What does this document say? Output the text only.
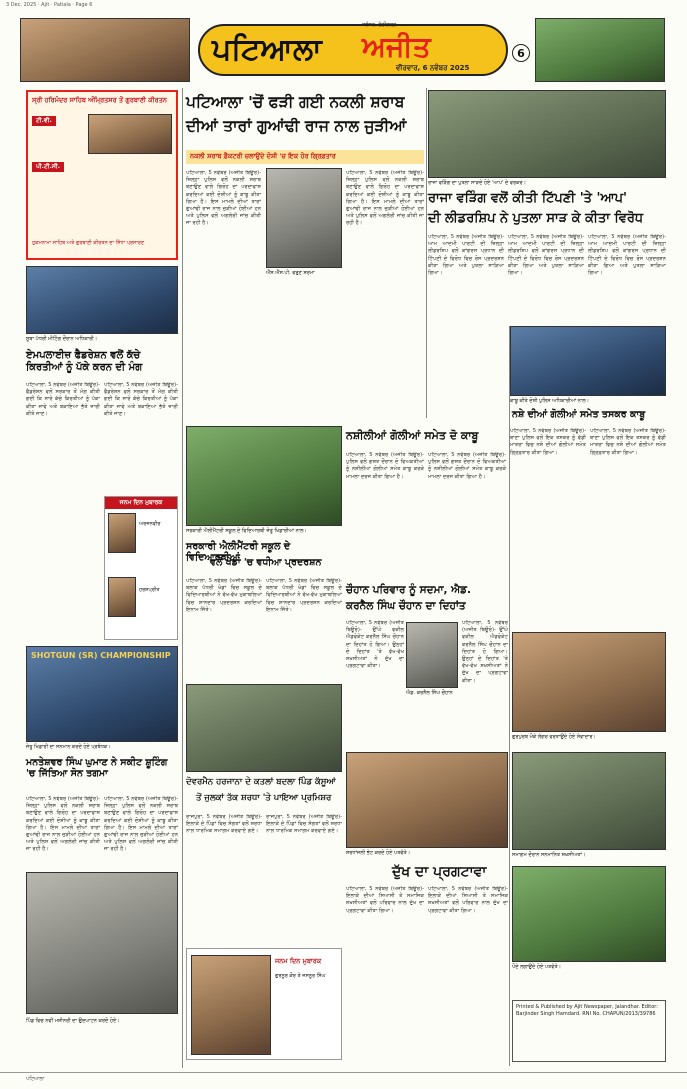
3 Dec. 2025 · Ajit · Patiala · Page 6
ਪਟਿਆਲਾ ਅਜੀਤ
ਜਲੰਧਰ, ਚੰਡੀਗੜ੍ਹ
ਵੀਰਵਾਰ, 6 ਨਵੰਬਰ 2025
6
ਸ੍ਰੀ ਹਰਿਮੰਦਰ ਸਾਹਿਬ ਅੰਮ੍ਰਿਤਸਰ ਤੋਂ ਗੁਰਬਾਣੀ ਕੀਰਤਨ
ਟੀ.ਵੀ.
ਪੀ.ਟੀ.ਸੀ.
ਹੁਕਮਨਾਮਾ ਸਾਹਿਬ ਅਤੇ ਗੁਰਬਾਣੀ ਕੀਰਤਨ ਦਾ ਸਿੱਧਾ ਪ੍ਰਸਾਰਣ
ਪਟਿਆਲਾ 'ਚੋਂ ਫੜੀ ਗਈ ਨਕਲੀ ਸ਼ਰਾਬ
ਦੀਆਂ ਤਾਰਾਂ ਗੁਆਂਢੀ ਰਾਜ ਨਾਲ ਜੁੜੀਆਂ
ਨਕਲੀ ਸ਼ਰਾਬ ਫ਼ੈਕਟਰੀ ਚਲਾਉਂਦੇ ਦੋਸ਼ੀ 'ਚ ਇਕ ਹੋਰ ਗ੍ਰਿਫ਼ਤਾਰ
ਪਟਿਆਲਾ, 5 ਨਵੰਬਰ (ਅਜੀਤ ਬਿਊਰੋ)- ਜ਼ਿਲ੍ਹਾ ਪੁਲਿਸ ਵਲੋਂ ਨਕਲੀ ਸ਼ਰਾਬ ਬਣਾਉਣ ਵਾਲੇ ਗਿਰੋਹ ਦਾ ਪਰਦਾਫਾਸ਼ ਕਰਦਿਆਂ ਕਈ ਦੋਸ਼ੀਆਂ ਨੂੰ ਕਾਬੂ ਕੀਤਾ ਗਿਆ ਹੈ। ਇਸ ਮਾਮਲੇ ਦੀਆਂ ਤਾਰਾਂ ਗੁਆਂਢੀ ਰਾਜ ਨਾਲ ਜੁੜੀਆਂ ਹੋਈਆਂ ਹਨ ਅਤੇ ਪੁਲਿਸ ਵਲੋਂ ਅਗਲੇਰੀ ਜਾਂਚ ਕੀਤੀ ਜਾ ਰਹੀ ਹੈ।
ਐੱਸ.ਐੱਸ.ਪੀ. ਵਰੁਣ ਸ਼ਰਮਾ
ਪਟਿਆਲਾ, 5 ਨਵੰਬਰ (ਅਜੀਤ ਬਿਊਰੋ)- ਜ਼ਿਲ੍ਹਾ ਪੁਲਿਸ ਵਲੋਂ ਨਕਲੀ ਸ਼ਰਾਬ ਬਣਾਉਣ ਵਾਲੇ ਗਿਰੋਹ ਦਾ ਪਰਦਾਫਾਸ਼ ਕਰਦਿਆਂ ਕਈ ਦੋਸ਼ੀਆਂ ਨੂੰ ਕਾਬੂ ਕੀਤਾ ਗਿਆ ਹੈ। ਇਸ ਮਾਮਲੇ ਦੀਆਂ ਤਾਰਾਂ ਗੁਆਂਢੀ ਰਾਜ ਨਾਲ ਜੁੜੀਆਂ ਹੋਈਆਂ ਹਨ ਅਤੇ ਪੁਲਿਸ ਵਲੋਂ ਅਗਲੇਰੀ ਜਾਂਚ ਕੀਤੀ ਜਾ ਰਹੀ ਹੈ।
ਰਾਜਾ ਵੜਿੰਗ ਦਾ ਪੁਤਲਾ ਸਾੜਦੇ ਹੋਏ 'ਆਪ' ਦੇ ਵਰਕਰ।
ਰਾਜਾ ਵੜਿੰਗ ਵਲੋਂ ਕੀਤੀ ਟਿੱਪਣੀ 'ਤੇ 'ਆਪ'
ਦੀ ਲੀਡਰਸ਼ਿਪ ਨੇ ਪੁਤਲਾ ਸਾੜ ਕੇ ਕੀਤਾ ਵਿਰੋਧ
ਪਟਿਆਲਾ, 5 ਨਵੰਬਰ (ਅਜੀਤ ਬਿਊਰੋ)- ਆਮ ਆਦਮੀ ਪਾਰਟੀ ਦੀ ਜ਼ਿਲ੍ਹਾ ਲੀਡਰਸ਼ਿਪ ਵਲੋਂ ਕਾਂਗਰਸ ਪ੍ਰਧਾਨ ਦੀ ਟਿੱਪਣੀ ਦੇ ਵਿਰੋਧ ਵਿਚ ਰੋਸ ਪ੍ਰਦਰਸ਼ਨ ਕੀਤਾ ਗਿਆ ਅਤੇ ਪੁਤਲਾ ਸਾੜਿਆ ਗਿਆ।
ਪਟਿਆਲਾ, 5 ਨਵੰਬਰ (ਅਜੀਤ ਬਿਊਰੋ)- ਆਮ ਆਦਮੀ ਪਾਰਟੀ ਦੀ ਜ਼ਿਲ੍ਹਾ ਲੀਡਰਸ਼ਿਪ ਵਲੋਂ ਕਾਂਗਰਸ ਪ੍ਰਧਾਨ ਦੀ ਟਿੱਪਣੀ ਦੇ ਵਿਰੋਧ ਵਿਚ ਰੋਸ ਪ੍ਰਦਰਸ਼ਨ ਕੀਤਾ ਗਿਆ ਅਤੇ ਪੁਤਲਾ ਸਾੜਿਆ ਗਿਆ।
ਪਟਿਆਲਾ, 5 ਨਵੰਬਰ (ਅਜੀਤ ਬਿਊਰੋ)- ਆਮ ਆਦਮੀ ਪਾਰਟੀ ਦੀ ਜ਼ਿਲ੍ਹਾ ਲੀਡਰਸ਼ਿਪ ਵਲੋਂ ਕਾਂਗਰਸ ਪ੍ਰਧਾਨ ਦੀ ਟਿੱਪਣੀ ਦੇ ਵਿਰੋਧ ਵਿਚ ਰੋਸ ਪ੍ਰਦਰਸ਼ਨ ਕੀਤਾ ਗਿਆ ਅਤੇ ਪੁਤਲਾ ਸਾੜਿਆ ਗਿਆ।
ਕਾਬੂ ਕੀਤੇ ਦੋਸ਼ੀ ਪੁਲਿਸ ਅਧਿਕਾਰੀਆਂ ਨਾਲ।
ਨਸ਼ੇ ਦੀਆਂ ਗੋਲੀਆਂ ਸਮੇਤ ਤਸਕਰ ਕਾਬੂ
ਪਟਿਆਲਾ, 5 ਨਵੰਬਰ (ਅਜੀਤ ਬਿਊਰੋ)- ਥਾਣਾ ਪੁਲਿਸ ਵਲੋਂ ਇਕ ਤਸਕਰ ਨੂੰ ਵੱਡੀ ਮਾਤਰਾ ਵਿਚ ਨਸ਼ੇ ਦੀਆਂ ਗੋਲੀਆਂ ਸਮੇਤ ਗ੍ਰਿਫ਼ਤਾਰ ਕੀਤਾ ਗਿਆ।
ਪਟਿਆਲਾ, 5 ਨਵੰਬਰ (ਅਜੀਤ ਬਿਊਰੋ)- ਥਾਣਾ ਪੁਲਿਸ ਵਲੋਂ ਇਕ ਤਸਕਰ ਨੂੰ ਵੱਡੀ ਮਾਤਰਾ ਵਿਚ ਨਸ਼ੇ ਦੀਆਂ ਗੋਲੀਆਂ ਸਮੇਤ ਗ੍ਰਿਫ਼ਤਾਰ ਕੀਤਾ ਗਿਆ।
ਸੂਬਾ ਪੱਧਰੀ ਮੀਟਿੰਗ ਦੌਰਾਨ ਅਧਿਕਾਰੀ।
ਏਮਪਲਾਈਜ਼ ਫੈਡਰੇਸ਼ਨ ਵਲੋਂ ਕੱਚੇ ਕਿਰਤੀਆਂ ਨੂੰ ਪੱਕੇ ਕਰਨ ਦੀ ਮੰਗ
ਪਟਿਆਲਾ, 5 ਨਵੰਬਰ (ਅਜੀਤ ਬਿਊਰੋ)- ਫੈਡਰੇਸ਼ਨ ਵਲੋਂ ਸਰਕਾਰ ਤੋਂ ਮੰਗ ਕੀਤੀ ਗਈ ਕਿ ਸਾਰੇ ਕੱਚੇ ਕਿਰਤੀਆਂ ਨੂੰ ਪੱਕਾ ਕੀਤਾ ਜਾਵੇ ਅਤੇ ਬਕਾਇਆ ਭੱਤੇ ਜਾਰੀ ਕੀਤੇ ਜਾਣ।
ਪਟਿਆਲਾ, 5 ਨਵੰਬਰ (ਅਜੀਤ ਬਿਊਰੋ)- ਫੈਡਰੇਸ਼ਨ ਵਲੋਂ ਸਰਕਾਰ ਤੋਂ ਮੰਗ ਕੀਤੀ ਗਈ ਕਿ ਸਾਰੇ ਕੱਚੇ ਕਿਰਤੀਆਂ ਨੂੰ ਪੱਕਾ ਕੀਤਾ ਜਾਵੇ ਅਤੇ ਬਕਾਇਆ ਭੱਤੇ ਜਾਰੀ ਕੀਤੇ ਜਾਣ।
ਜਨਮ ਦਿਨ ਮੁਬਾਰਕ
ਅਰਜਨਵੀਰ
ਹਰਸ਼ਪ੍ਰੀਤ
SHOTGUN (SR) CHAMPIONSHIP
ਜੇਤੂ ਖਿਡਾਰੀ ਦਾ ਸਨਮਾਨ ਕਰਦੇ ਹੋਏ ਪ੍ਰਬੰਧਕ।
ਮਨਤੇਸ਼ਵਰ ਸਿੰਘ ਘੁਮਾਣ ਨੇ ਸਕੀਟ ਸ਼ੂਟਿੰਗ 'ਚ ਜਿੱਤਿਆ ਸੋਨ ਤਗਮਾ
ਪਟਿਆਲਾ, 5 ਨਵੰਬਰ (ਅਜੀਤ ਬਿਊਰੋ)- ਜ਼ਿਲ੍ਹਾ ਪੁਲਿਸ ਵਲੋਂ ਨਕਲੀ ਸ਼ਰਾਬ ਬਣਾਉਣ ਵਾਲੇ ਗਿਰੋਹ ਦਾ ਪਰਦਾਫਾਸ਼ ਕਰਦਿਆਂ ਕਈ ਦੋਸ਼ੀਆਂ ਨੂੰ ਕਾਬੂ ਕੀਤਾ ਗਿਆ ਹੈ। ਇਸ ਮਾਮਲੇ ਦੀਆਂ ਤਾਰਾਂ ਗੁਆਂਢੀ ਰਾਜ ਨਾਲ ਜੁੜੀਆਂ ਹੋਈਆਂ ਹਨ ਅਤੇ ਪੁਲਿਸ ਵਲੋਂ ਅਗਲੇਰੀ ਜਾਂਚ ਕੀਤੀ ਜਾ ਰਹੀ ਹੈ।
ਪਟਿਆਲਾ, 5 ਨਵੰਬਰ (ਅਜੀਤ ਬਿਊਰੋ)- ਜ਼ਿਲ੍ਹਾ ਪੁਲਿਸ ਵਲੋਂ ਨਕਲੀ ਸ਼ਰਾਬ ਬਣਾਉਣ ਵਾਲੇ ਗਿਰੋਹ ਦਾ ਪਰਦਾਫਾਸ਼ ਕਰਦਿਆਂ ਕਈ ਦੋਸ਼ੀਆਂ ਨੂੰ ਕਾਬੂ ਕੀਤਾ ਗਿਆ ਹੈ। ਇਸ ਮਾਮਲੇ ਦੀਆਂ ਤਾਰਾਂ ਗੁਆਂਢੀ ਰਾਜ ਨਾਲ ਜੁੜੀਆਂ ਹੋਈਆਂ ਹਨ ਅਤੇ ਪੁਲਿਸ ਵਲੋਂ ਅਗਲੇਰੀ ਜਾਂਚ ਕੀਤੀ ਜਾ ਰਹੀ ਹੈ।
ਪਿੰਡ ਵਿਚ ਨਵੀਂ ਮਸ਼ੀਨਰੀ ਦਾ ਉਦਘਾਟਨ ਕਰਦੇ ਹੋਏ।
ਸਰਕਾਰੀ ਐਲੀਮੈਂਟਰੀ ਸਕੂਲ ਦੇ ਵਿਦਿਆਰਥੀ ਜੇਤੂ ਖਿਡਾਰੀਆਂ ਨਾਲ।
ਸਰਕਾਰੀ ਐਲੀਮੈਂਟਰੀ ਸਕੂਲ ਦੇ ਵਿਦਿਆਰਥੀਆਂ
ਵਲੋਂ ਖੇਡਾਂ 'ਚ ਵਧੀਆ ਪ੍ਰਦਰਸ਼ਨ
ਪਟਿਆਲਾ, 5 ਨਵੰਬਰ (ਅਜੀਤ ਬਿਊਰੋ)- ਬਲਾਕ ਪੱਧਰੀ ਖੇਡਾਂ ਵਿਚ ਸਕੂਲ ਦੇ ਵਿਦਿਆਰਥੀਆਂ ਨੇ ਵੱਖ-ਵੱਖ ਮੁਕਾਬਲਿਆਂ ਵਿਚ ਸ਼ਾਨਦਾਰ ਪ੍ਰਦਰਸ਼ਨ ਕਰਦਿਆਂ ਇਨਾਮ ਜਿੱਤੇ।
ਪਟਿਆਲਾ, 5 ਨਵੰਬਰ (ਅਜੀਤ ਬਿਊਰੋ)- ਬਲਾਕ ਪੱਧਰੀ ਖੇਡਾਂ ਵਿਚ ਸਕੂਲ ਦੇ ਵਿਦਿਆਰਥੀਆਂ ਨੇ ਵੱਖ-ਵੱਖ ਮੁਕਾਬਲਿਆਂ ਵਿਚ ਸ਼ਾਨਦਾਰ ਪ੍ਰਦਰਸ਼ਨ ਕਰਦਿਆਂ ਇਨਾਮ ਜਿੱਤੇ।
ਨਸ਼ੀਲੀਆਂ ਗੋਲੀਆਂ ਸਮੇਤ ਦੋ ਕਾਬੂ
ਪਟਿਆਲਾ, 5 ਨਵੰਬਰ (ਅਜੀਤ ਬਿਊਰੋ)- ਪੁਲਿਸ ਵਲੋਂ ਗਸ਼ਤ ਦੌਰਾਨ ਦੋ ਵਿਅਕਤੀਆਂ ਨੂੰ ਨਸ਼ੀਲੀਆਂ ਗੋਲੀਆਂ ਸਮੇਤ ਕਾਬੂ ਕਰਕੇ ਮਾਮਲਾ ਦਰਜ ਕੀਤਾ ਗਿਆ ਹੈ।
ਪਟਿਆਲਾ, 5 ਨਵੰਬਰ (ਅਜੀਤ ਬਿਊਰੋ)- ਪੁਲਿਸ ਵਲੋਂ ਗਸ਼ਤ ਦੌਰਾਨ ਦੋ ਵਿਅਕਤੀਆਂ ਨੂੰ ਨਸ਼ੀਲੀਆਂ ਗੋਲੀਆਂ ਸਮੇਤ ਕਾਬੂ ਕਰਕੇ ਮਾਮਲਾ ਦਰਜ ਕੀਤਾ ਗਿਆ ਹੈ।
ਚੌਹਾਨ ਪਰਿਵਾਰ ਨੂੰ ਸਦਮਾ, ਐਡ.
ਕਰਨੈਲ ਸਿੰਘ ਚੌਹਾਨ ਦਾ ਦਿਹਾਂਤ
ਪਟਿਆਲਾ, 5 ਨਵੰਬਰ (ਅਜੀਤ ਬਿਊਰੋ)- ਉੱਘੇ ਵਕੀਲ ਐਡਵੋਕੇਟ ਕਰਨੈਲ ਸਿੰਘ ਚੌਹਾਨ ਦਾ ਦਿਹਾਂਤ ਹੋ ਗਿਆ। ਉਨ੍ਹਾਂ ਦੇ ਦਿਹਾਂਤ 'ਤੇ ਵੱਖ-ਵੱਖ ਸ਼ਖ਼ਸੀਅਤਾਂ ਨੇ ਦੁੱਖ ਦਾ ਪ੍ਰਗਟਾਵਾ ਕੀਤਾ।
ਐਡ. ਕਰਨੈਲ ਸਿੰਘ ਚੌਹਾਨ
ਪਟਿਆਲਾ, 5 ਨਵੰਬਰ (ਅਜੀਤ ਬਿਊਰੋ)- ਉੱਘੇ ਵਕੀਲ ਐਡਵੋਕੇਟ ਕਰਨੈਲ ਸਿੰਘ ਚੌਹਾਨ ਦਾ ਦਿਹਾਂਤ ਹੋ ਗਿਆ। ਉਨ੍ਹਾਂ ਦੇ ਦਿਹਾਂਤ 'ਤੇ ਵੱਖ-ਵੱਖ ਸ਼ਖ਼ਸੀਅਤਾਂ ਨੇ ਦੁੱਖ ਦਾ ਪ੍ਰਗਟਾਵਾ ਕੀਤਾ।
ਦੋਵਰਮੈਨ ਹਰਜਾਨਾ ਦੇ ਕਤਲਾਂ ਬਦਲਾ ਪਿੰਡ ਕੱਸੂਆਂ
ਤੋਂ ਜੁਲਕਾਂ ਤੱਕ ਸ਼ਰਧਾ 'ਤੇ ਪਾਇਆ ਪ੍ਰਮਿਸ਼ਰ
ਰਾਜਪੁਰਾ, 5 ਨਵੰਬਰ (ਅਜੀਤ ਬਿਊਰੋ)- ਇਲਾਕੇ ਦੇ ਪਿੰਡਾਂ ਵਿਚ ਸੰਗਤਾਂ ਵਲੋਂ ਸ਼ਰਧਾ ਨਾਲ ਧਾਰਮਿਕ ਸਮਾਗਮ ਕਰਵਾਏ ਗਏ।
ਰਾਜਪੁਰਾ, 5 ਨਵੰਬਰ (ਅਜੀਤ ਬਿਊਰੋ)- ਇਲਾਕੇ ਦੇ ਪਿੰਡਾਂ ਵਿਚ ਸੰਗਤਾਂ ਵਲੋਂ ਸ਼ਰਧਾ ਨਾਲ ਧਾਰਮਿਕ ਸਮਾਗਮ ਕਰਵਾਏ ਗਏ।
ਸ਼ਰਧਾਂਜਲੀ ਭੇਟ ਕਰਦੇ ਹੋਏ ਪਤਵੰਤੇ।
ਦੁੱਖ ਦਾ ਪ੍ਰਗਟਾਵਾ
ਪਟਿਆਲਾ, 5 ਨਵੰਬਰ (ਅਜੀਤ ਬਿਊਰੋ)- ਇਲਾਕੇ ਦੀਆਂ ਸਿਆਸੀ ਤੇ ਸਮਾਜਿਕ ਸ਼ਖ਼ਸੀਅਤਾਂ ਵਲੋਂ ਪਰਿਵਾਰ ਨਾਲ ਦੁੱਖ ਦਾ ਪ੍ਰਗਟਾਵਾ ਕੀਤਾ ਗਿਆ।
ਪਟਿਆਲਾ, 5 ਨਵੰਬਰ (ਅਜੀਤ ਬਿਊਰੋ)- ਇਲਾਕੇ ਦੀਆਂ ਸਿਆਸੀ ਤੇ ਸਮਾਜਿਕ ਸ਼ਖ਼ਸੀਅਤਾਂ ਵਲੋਂ ਪਰਿਵਾਰ ਨਾਲ ਦੁੱਖ ਦਾ ਪ੍ਰਗਟਾਵਾ ਕੀਤਾ ਗਿਆ।
ਜਨਮ ਦਿਨ ਮੁਬਾਰਕ
ਗੁਰਨੂਰ ਕੌਰ ਤੇ ਜਸਨੂਰ ਸਿੰਘ
ਗੁਰਪੁਰਬ ਮੌਕੇ ਲੰਗਰ ਵਰਤਾਉਂਦੇ ਹੋਏ ਸੇਵਾਦਾਰ।
ਸਮਾਗਮ ਦੌਰਾਨ ਸਨਮਾਨਿਤ ਸ਼ਖ਼ਸੀਅਤਾਂ।
ਪੌਦੇ ਲਗਾਉਂਦੇ ਹੋਏ ਪਤਵੰਤੇ।
Printed & Published by Ajit Newspaper, Jalandhar. Editor: Barjinder Singh Hamdard. RNI No. CHAPUN/2013/39786
ਪਟਿਆਲਾ
